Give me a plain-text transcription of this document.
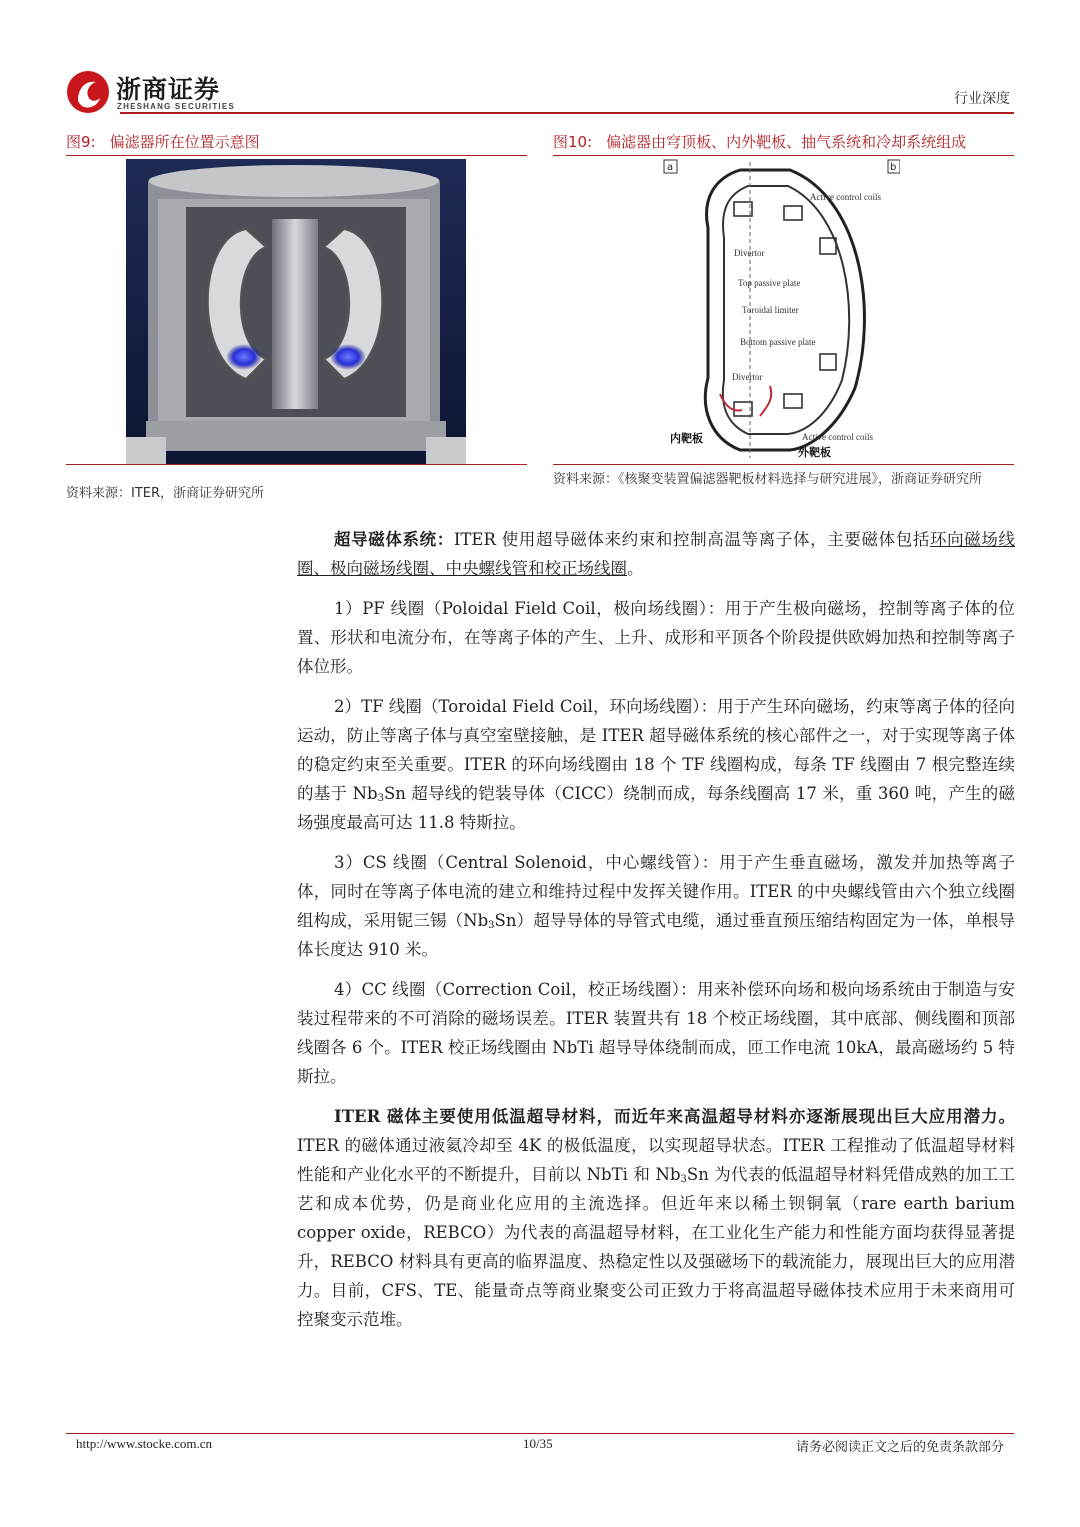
浙商证券
ZHESHANG SECURITIES	行业深度
图9: 偏滤器所在位置示意图
资料来源：ITER，浙商证券研究所
图10: 偏滤器由穹顶板、内外靶板、抽气系统和冷却系统组成
a	b
Active control coils
Divertor
Top passive plate
Toroidal limiter
Bottom passive plate
Divertor
Active control coils
内靶板
外靶板
资料来源：《核聚变装置偏滤器靶板材料选择与研究进展》，浙商证券研究所
超导磁体系统：ITER 使用超导磁体来约束和控制高温等离子体，主要磁体包括环向磁场线圈、极向磁场线圈、中央螺线管和校正场线圈。
1）PF 线圈（Poloidal Field Coil，极向场线圈）：用于产生极向磁场，控制等离子体的位置、形状和电流分布，在等离子体的产生、上升、成形和平顶各个阶段提供欧姆加热和控制等离子体位形。
2）TF 线圈（Toroidal Field Coil，环向场线圈）：用于产生环向磁场，约束等离子体的径向运动，防止等离子体与真空室壁接触，是 ITER 超导磁体系统的核心部件之一，对于实现等离子体的稳定约束至关重要。ITER 的环向场线圈由 18 个 TF 线圈构成，每条 TF 线圈由 7 根完整连续的基于 $Nb_3Sn$ 超导线的铠装导体（CICC）绕制而成，每条线圈高 17 米，重 360 吨，产生的磁场强度最高可达 11.8 特斯拉。
3）CS 线圈（Central Solenoid，中心螺线管）：用于产生垂直磁场，激发并加热等离子体，同时在等离子体电流的建立和维持过程中发挥关键作用。ITER 的中央螺线管由六个独立线圈组构成，采用铌三锡$(Nb_3Sn)$超导导体的导管式电缆，通过垂直预压缩结构固定为一体，单根导体长度达 910 米。
4）CC 线圈（Correction Coil，校正场线圈）：用来补偿环向场和极向场系统由于制造与安装过程带来的不可消除的磁场误差。ITER 装置共有 18 个校正场线圈，其中底部、侧线圈和顶部线圈各 6 个。ITER 校正场线圈由 NbTi 超导导体绕制而成，匝工作电流 10kA，最高磁场约 5 特斯拉。
ITER 磁体主要使用低温超导材料，而近年来高温超导材料亦逐渐展现出巨大应用潜力。ITER 的磁体通过液氦冷却至 4K 的极低温度，以实现超导状态。ITER 工程推动了低温超导材料性能和产业化水平的不断提升，目前以 NbTi 和 $Nb_3Sn$ 为代表的低温超导材料凭借成熟的加工工艺和成本优势，仍是商业化应用的主流选择。但近年来以稀土钡铜氧（rare earth barium copper oxide，REBCO）为代表的高温超导材料，在工业化生产能力和性能方面均获得显著提升，REBCO 材料具有更高的临界温度、热稳定性以及强磁场下的载流能力，展现出巨大的应用潜力。目前，CFS、TE、能量奇点等商业聚变公司正致力于将高温超导磁体技术应用于未来商用可控聚变示范堆。
http://www.stocke.com.cn	10/35	请务必阅读正文之后的免责条款部分
